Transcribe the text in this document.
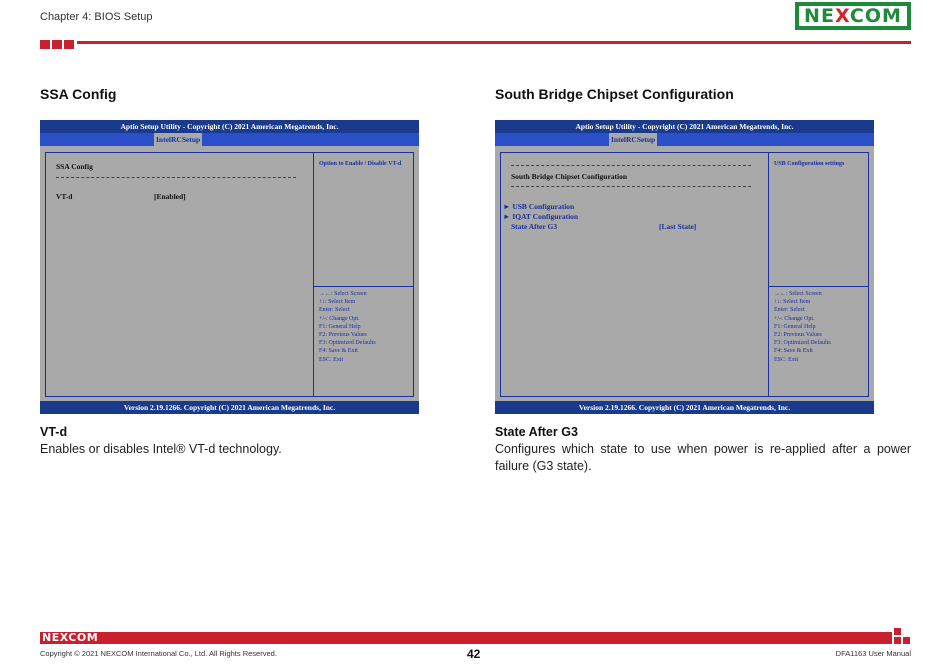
Chapter 4: BIOS Setup	NEXCOM
SSA Config	South Bridge Chipset Configuration
Aptio Setup Utility - Copyright (C) 2021 American Megatrends, Inc.
IntelRCSetup
SSA Config
VT-d	[Enabled]
Option to Enable / Disable VT-d
→←: Select Screen
↑↓: Select Item
Enter: Select
+/-: Change Opt.
F1: General Help
F2: Previous Values
F3: Optimized Defaults
F4: Save & Exit
ESC: Exit
Version 2.19.1266. Copyright (C) 2021 American Megatrends, Inc.
Aptio Setup Utility - Copyright (C) 2021 American Megatrends, Inc.
IntelRCSetup
South Bridge Chipset Configuration
► USB Configuration
► IQAT Configuration
State After G3	[Last State]
USB Configuration settings
→←: Select Screen
↑↓: Select Item
Enter: Select
+/-: Change Opt.
F1: General Help
F2: Previous Values
F3: Optimized Defaults
F4: Save & Exit
ESC: Exit
Version 2.19.1266. Copyright (C) 2021 American Megatrends, Inc.
VT-d
Enables or disables Intel® VT-d technology.
State After G3
Configures which state to use when power is re-applied after a power failure (G3 state).
NEXCOM
Copyright © 2021 NEXCOM International Co., Ltd. All Rights Reserved.	42	DFA1163 User Manual
